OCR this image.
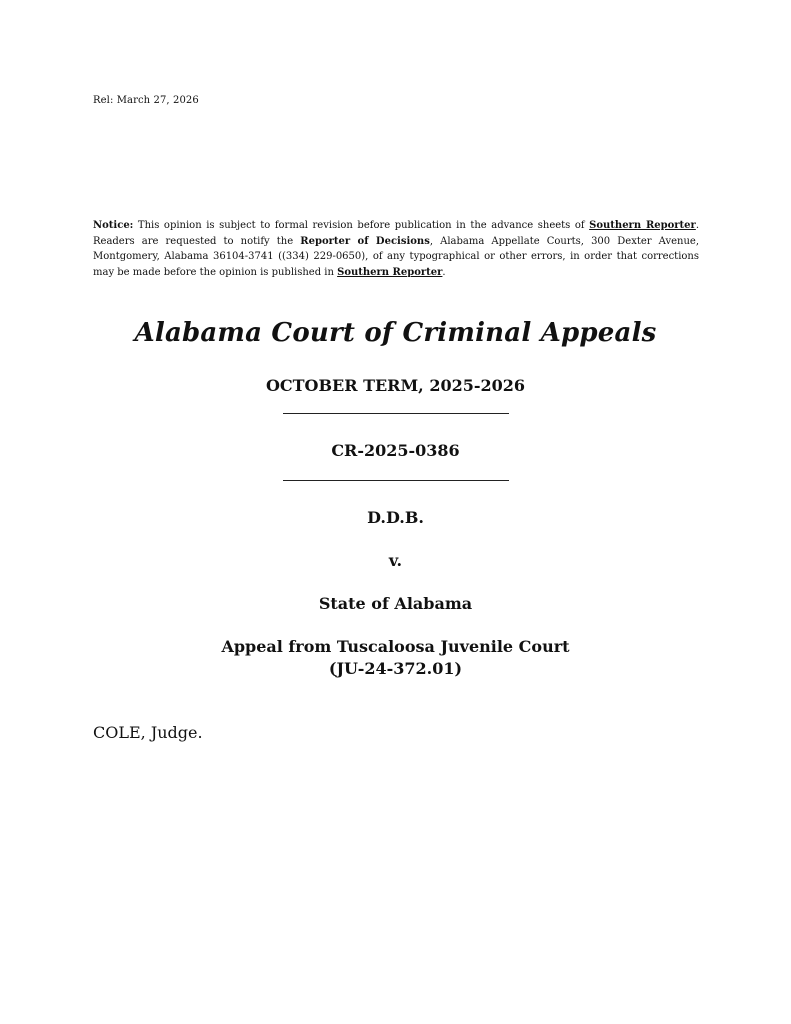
Rel: March 27, 2026
Notice: This opinion is subject to formal revision before publication in the advance sheets of Southern Reporter. Readers are requested to notify the Reporter of Decisions, Alabama Appellate Courts, 300 Dexter Avenue, Montgomery, Alabama 36104-3741 ((334) 229-0650), of any typographical or other errors, in order that corrections may be made before the opinion is published in Southern Reporter.
Alabama Court of Criminal Appeals
OCTOBER TERM, 2025-2026
CR-2025-0386
D.D.B.
v.
State of Alabama
Appeal from Tuscaloosa Juvenile Court
(JU-24-372.01)
COLE, Judge.
